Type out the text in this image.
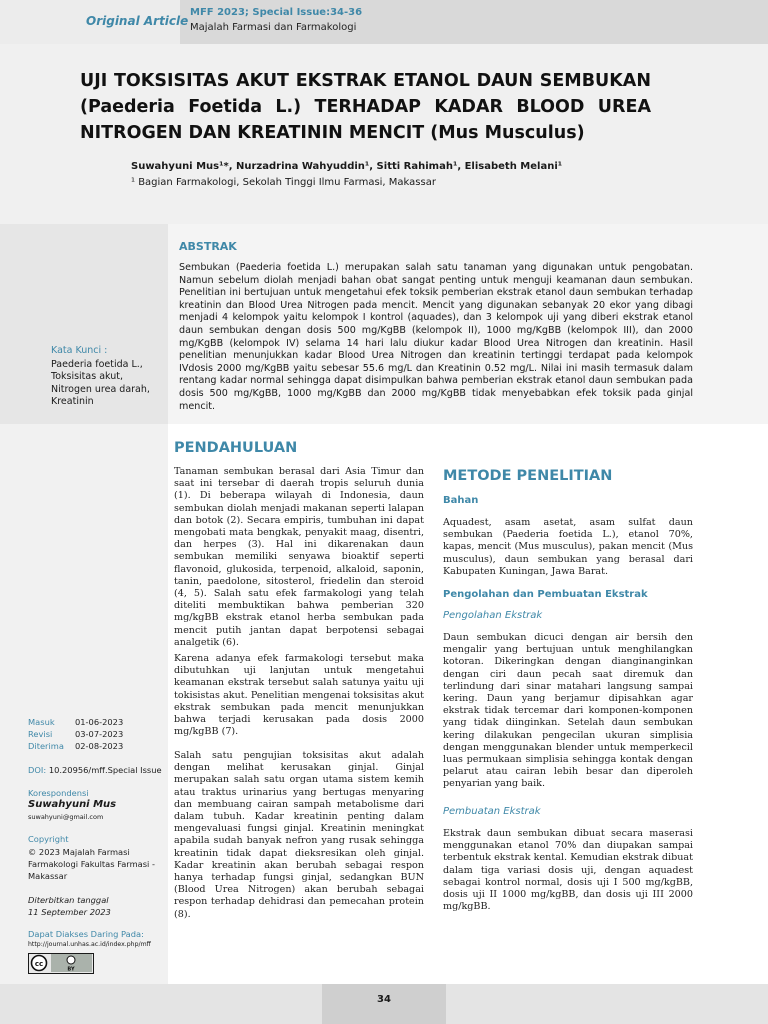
Original Article
MFF 2023; Special Issue:34-36
Majalah Farmasi dan Farmakologi
UJI TOKSISITAS AKUT EKSTRAK ETANOL DAUN SEMBUKAN (Paederia Foetida L.) TERHADAP KADAR BLOOD UREA NITROGEN DAN KREATININ MENCIT (Mus Musculus)
Suwahyuni Mus¹*, Nurzadrina Wahyuddin¹, Sitti Rahimah¹, Elisabeth Melani¹
¹ Bagian Farmakologi, Sekolah Tinggi Ilmu Farmasi, Makassar
ABSTRAK
Sembukan (Paederia foetida L.) merupakan salah satu tanaman yang digunakan untuk pengobatan. Namun sebelum diolah menjadi bahan obat sangat penting untuk menguji keamanan daun sembukan. Penelitian ini bertujuan untuk mengetahui efek toksik pemberian ekstrak etanol daun sembukan terhadap kreatinin dan Blood Urea Nitrogen pada mencit. Mencit yang digunakan sebanyak 20 ekor yang dibagi menjadi 4 kelompok yaitu kelompok I kontrol (aquades), dan 3 kelompok uji yang diberi ekstrak etanol daun sembukan dengan dosis 500 mg/KgBB (kelompok II), 1000 mg/KgBB (kelompok III), dan 2000 mg/KgBB (kelompok IV) selama 14 hari lalu diukur kadar Blood Urea Nitrogen dan kreatinin. Hasil penelitian menunjukkan kadar Blood Urea Nitrogen dan kreatinin tertinggi terdapat pada kelompok IVdosis 2000 mg/KgBB yaitu sebesar 55.6 mg/L dan Kreatinin 0.52 mg/L. Nilai ini masih termasuk dalam rentang kadar normal sehingga dapat disimpulkan bahwa pemberian ekstrak etanol daun sembukan pada dosis 500 mg/KgBB, 1000 mg/KgBB dan 2000 mg/KgBB tidak menyebabkan efek toksik pada ginjal mencit.
Kata Kunci :
Paederia foetida L.,
Toksisitas akut,
Nitrogen urea darah,
Kreatinin
Masuk 01-06-2023
Revisi	03-07-2023
Diterima 02-08-2023
DOI: 10.20956/mff.Special Issue
Korespondensi
Suwahyuni Mus
suwahyuni@gmail.com
Copyright
© 2023 Majalah Farmasi
Farmakologi Fakultas Farmasi -
Makassar
Diterbitkan tanggal
11 September 2023
Dapat Diakses Daring Pada:
http://journal.unhas.ac.id/index.php/mff
cc
BY
PENDAHULUAN
Tanaman sembukan berasal dari Asia Timur dan saat ini tersebar di daerah tropis seluruh dunia (1). Di beberapa wilayah di Indonesia, daun sembukan diolah menjadi makanan seperti lalapan dan botok (2). Secara empiris, tumbuhan ini dapat mengobati mata bengkak, penyakit maag, disentri, dan herpes (3). Hal ini dikarenakan daun sembukan memiliki senyawa bioaktif seperti flavonoid, glukosida, terpenoid, alkaloid, saponin, tanin, paedolone, sitosterol, friedelin dan steroid (4, 5). Salah satu efek farmakologi yang telah diteliti membuktikan bahwa pemberian 320 mg/kgBB ekstrak etanol herba sembukan pada mencit putih jantan dapat berpotensi sebagai analgetik (6).
Karena adanya efek farmakologi tersebut maka dibutuhkan uji lanjutan untuk mengetahui keamanan ekstrak tersebut salah satunya yaitu uji tokisistas akut. Penelitian mengenai toksisitas akut ekstrak sembukan pada mencit menunjukkan bahwa terjadi kerusakan pada dosis 2000 mg/kgBB (7).
Salah satu pengujian toksisitas akut adalah dengan melihat kerusakan ginjal. Ginjal merupakan salah satu organ utama sistem kemih atau traktus urinarius yang bertugas menyaring dan membuang cairan sampah metabolisme dari dalam tubuh. Kadar kreatinin penting dalam mengevaluasi fungsi ginjal. Kreatinin meningkat apabila sudah banyak nefron yang rusak sehingga kreatinin tidak dapat dieksresikan oleh ginjal. Kadar kreatinin akan berubah sebagai respon hanya terhadap fungsi ginjal, sedangkan BUN (Blood Urea Nitrogen) akan berubah sebagai respon terhadap dehidrasi dan pemecahan protein (8).
METODE PENELITIAN
Bahan
Aquadest, asam asetat, asam sulfat daun sembukan (Paederia foetida L.), etanol 70%, kapas, mencit (Mus musculus), pakan mencit (Mus musculus), daun sembukan yang berasal dari Kabupaten Kuningan, Jawa Barat.
Pengolahan dan Pembuatan Ekstrak
Pengolahan Ekstrak
Daun sembukan dicuci dengan air bersih den mengalir yang bertujuan untuk menghilangkan kotoran. Dikeringkan dengan dianginanginkan dengan ciri daun pecah saat diremuk dan terlindung dari sinar matahari langsung sampai kering. Daun yang berjamur dipisahkan agar ekstrak tidak tercemar dari komponen-komponen yang tidak diinginkan. Setelah daun sembukan kering dilakukan pengecilan ukuran simplisia dengan menggunakan blender untuk memperkecil luas permukaan simplisia sehingga kontak dengan pelarut atau cairan lebih besar dan diperoleh penyarian yang baik.
Pembuatan Ekstrak
Ekstrak daun sembukan dibuat secara maserasi menggunakan etanol 70% dan diupakan sampai terbentuk ekstrak kental. Kemudian ekstrak dibuat dalam tiga variasi dosis uji, dengan aquadest sebagai kontrol normal, dosis uji I 500 mg/kgBB, dosis uji II 1000 mg/kgBB, dan dosis uji III 2000 mg/kgBB.
34
